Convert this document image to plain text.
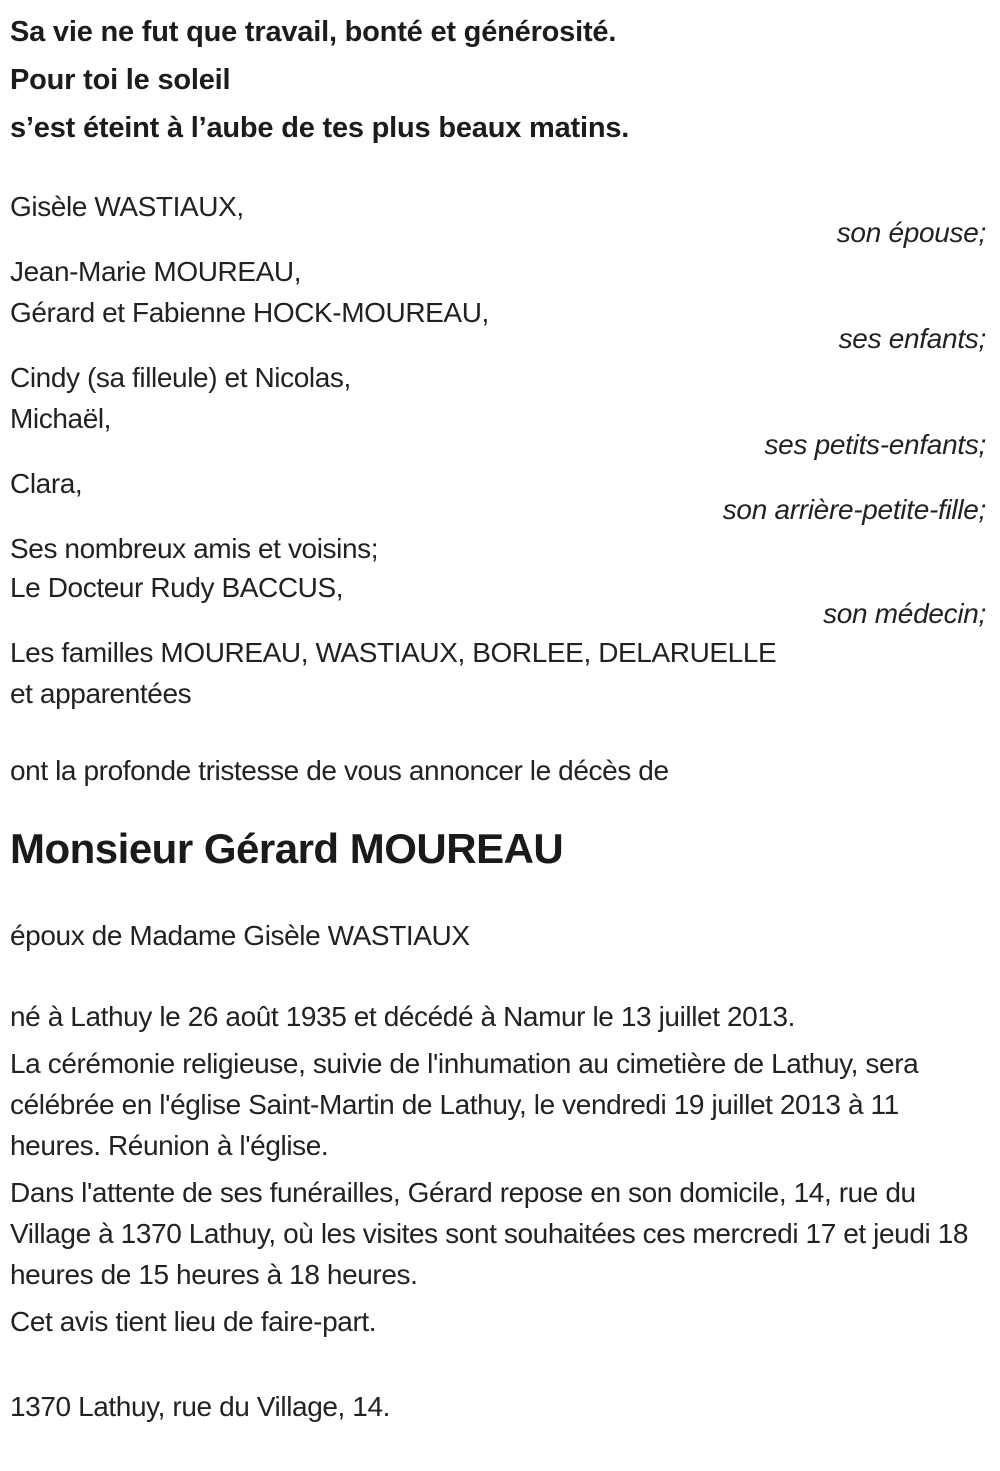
Sa vie ne fut que travail, bonté et générosité.
Pour toi le soleil
s’est éteint à l’aube de tes plus beaux matins.
Gisèle WASTIAUX,
son épouse;
Jean-Marie MOUREAU,
Gérard et Fabienne HOCK-MOUREAU,
ses enfants;
Cindy (sa filleule) et Nicolas,
Michaël,
ses petits-enfants;
Clara,
son arrière-petite-fille;
Ses nombreux amis et voisins;
Le Docteur Rudy BACCUS,
son médecin;
Les familles MOUREAU, WASTIAUX, BORLEE, DELARUELLE
et apparentées
ont la profonde tristesse de vous annoncer le décès de
Monsieur Gérard MOUREAU
époux de Madame Gisèle WASTIAUX
né à Lathuy le 26 août 1935 et décédé à Namur le 13 juillet 2013.
La cérémonie religieuse, suivie de l'inhumation au cimetière de Lathuy, sera célébrée en l'église Saint-Martin de Lathuy, le vendredi 19 juillet 2013 à 11 heures. Réunion à l'église.
Dans l'attente de ses funérailles, Gérard repose en son domicile, 14, rue du Village à 1370 Lathuy, où les visites sont souhaitées ces mercredi 17 et jeudi 18 heures de 15 heures à 18 heures.
Cet avis tient lieu de faire-part.
1370 Lathuy, rue du Village, 14.
